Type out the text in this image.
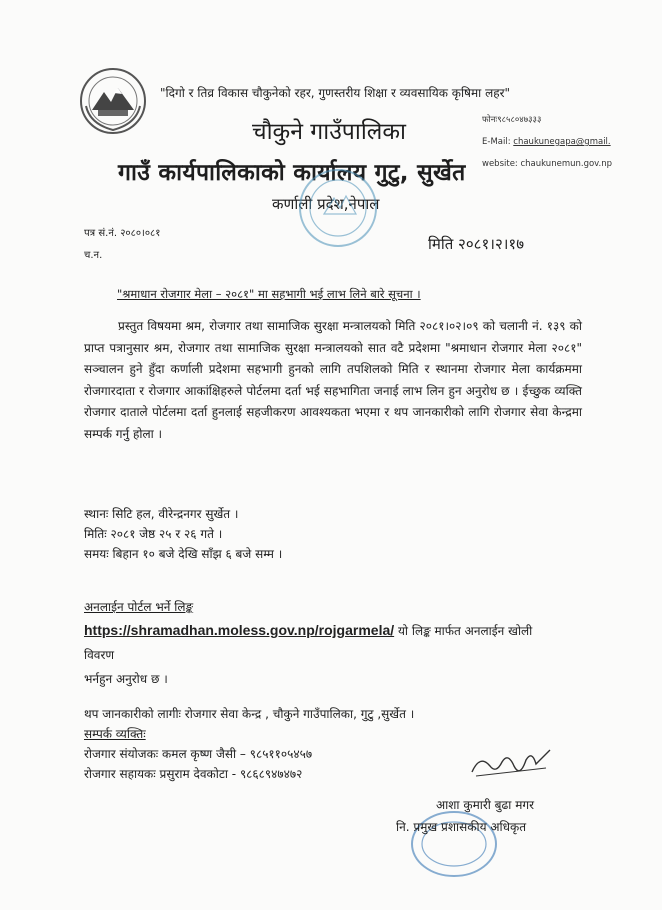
"दिगो र तिव्र विकास चौकुनेको रहर, गुणस्तरीय शिक्षा र व्यवसायिक कृषिमा लहर"
चौकुने गाउँपालिका
गाउँ कार्यपालिकाको कार्यालय गुटु, सुर्खेत
कर्णाली प्रदेश,नेपाल
फोनः९८५८०४७३३३
E-Mail: chaukunegapa@gmail.
website: chaukunemun.gov.np
पत्र सं.नं. २०८०।०८१
च.न.
मिति २०८१।२।१७
"श्रमाधान रोजगार मेला – २०८१" मा सहभागी भई लाभ लिने बारे सूचना ।

प्रस्तुत विषयमा श्रम, रोजगार तथा सामाजिक सुरक्षा मन्त्रालयको मिति २०८१।०२।०९ को चलानी नं. १३९ को प्राप्त पत्रानुसार श्रम, रोजगार तथा सामाजिक सुरक्षा मन्त्रालयको सात वटै प्रदेशमा "श्रमाधान रोजगार मेला २०८१" सञ्चालन हुने हुँदा कर्णाली प्रदेशमा सहभागी हुनको लागि तपशिलको मिति र स्थानमा रोजगार मेला कार्यक्रममा रोजगारदाता र रोजगार आकांक्षिहरुले पोर्टलमा दर्ता भई सहभागिता जनाई लाभ लिन हुन अनुरोध छ । ईच्छुक व्यक्ति रोजगार दाताले पोर्टलमा दर्ता हुनलाई सहजीकरण आवश्यकता भएमा र थप जानकारीको लागि रोजगार सेवा केन्द्रमा सम्पर्क गर्नु होला ।

स्थानः सिटि हल, वीरेन्द्रनगर सुर्खेत ।
मितिः २०८१ जेष्ठ २५ र २६ गते ।
समयः बिहान १० बजे देखि साँझ ६ बजे सम्म ।
अनलाईन पोर्टल भर्ने लिङ्क
https://shramadhan.moless.gov.np/rojgarmela/ यो लिङ्क मार्फत अनलाईन खोली
विवरण
भर्नहुन अनुरोध छ ।
थप जानकारीको लागीः रोजगार सेवा केन्द्र , चौकुने गाउँपालिका, गुटु ,सुर्खेत ।
सम्पर्क व्यक्तिः
रोजगार संयोजकः कमल कृष्ण जैसी – ९८५११०५४५७
रोजगार सहायकः प्रसुराम देवकोटा - ९८६८९४७४७२
आशा कुमारी बुढा मगर
नि. प्रमुख प्रशासकीय अधिकृत
